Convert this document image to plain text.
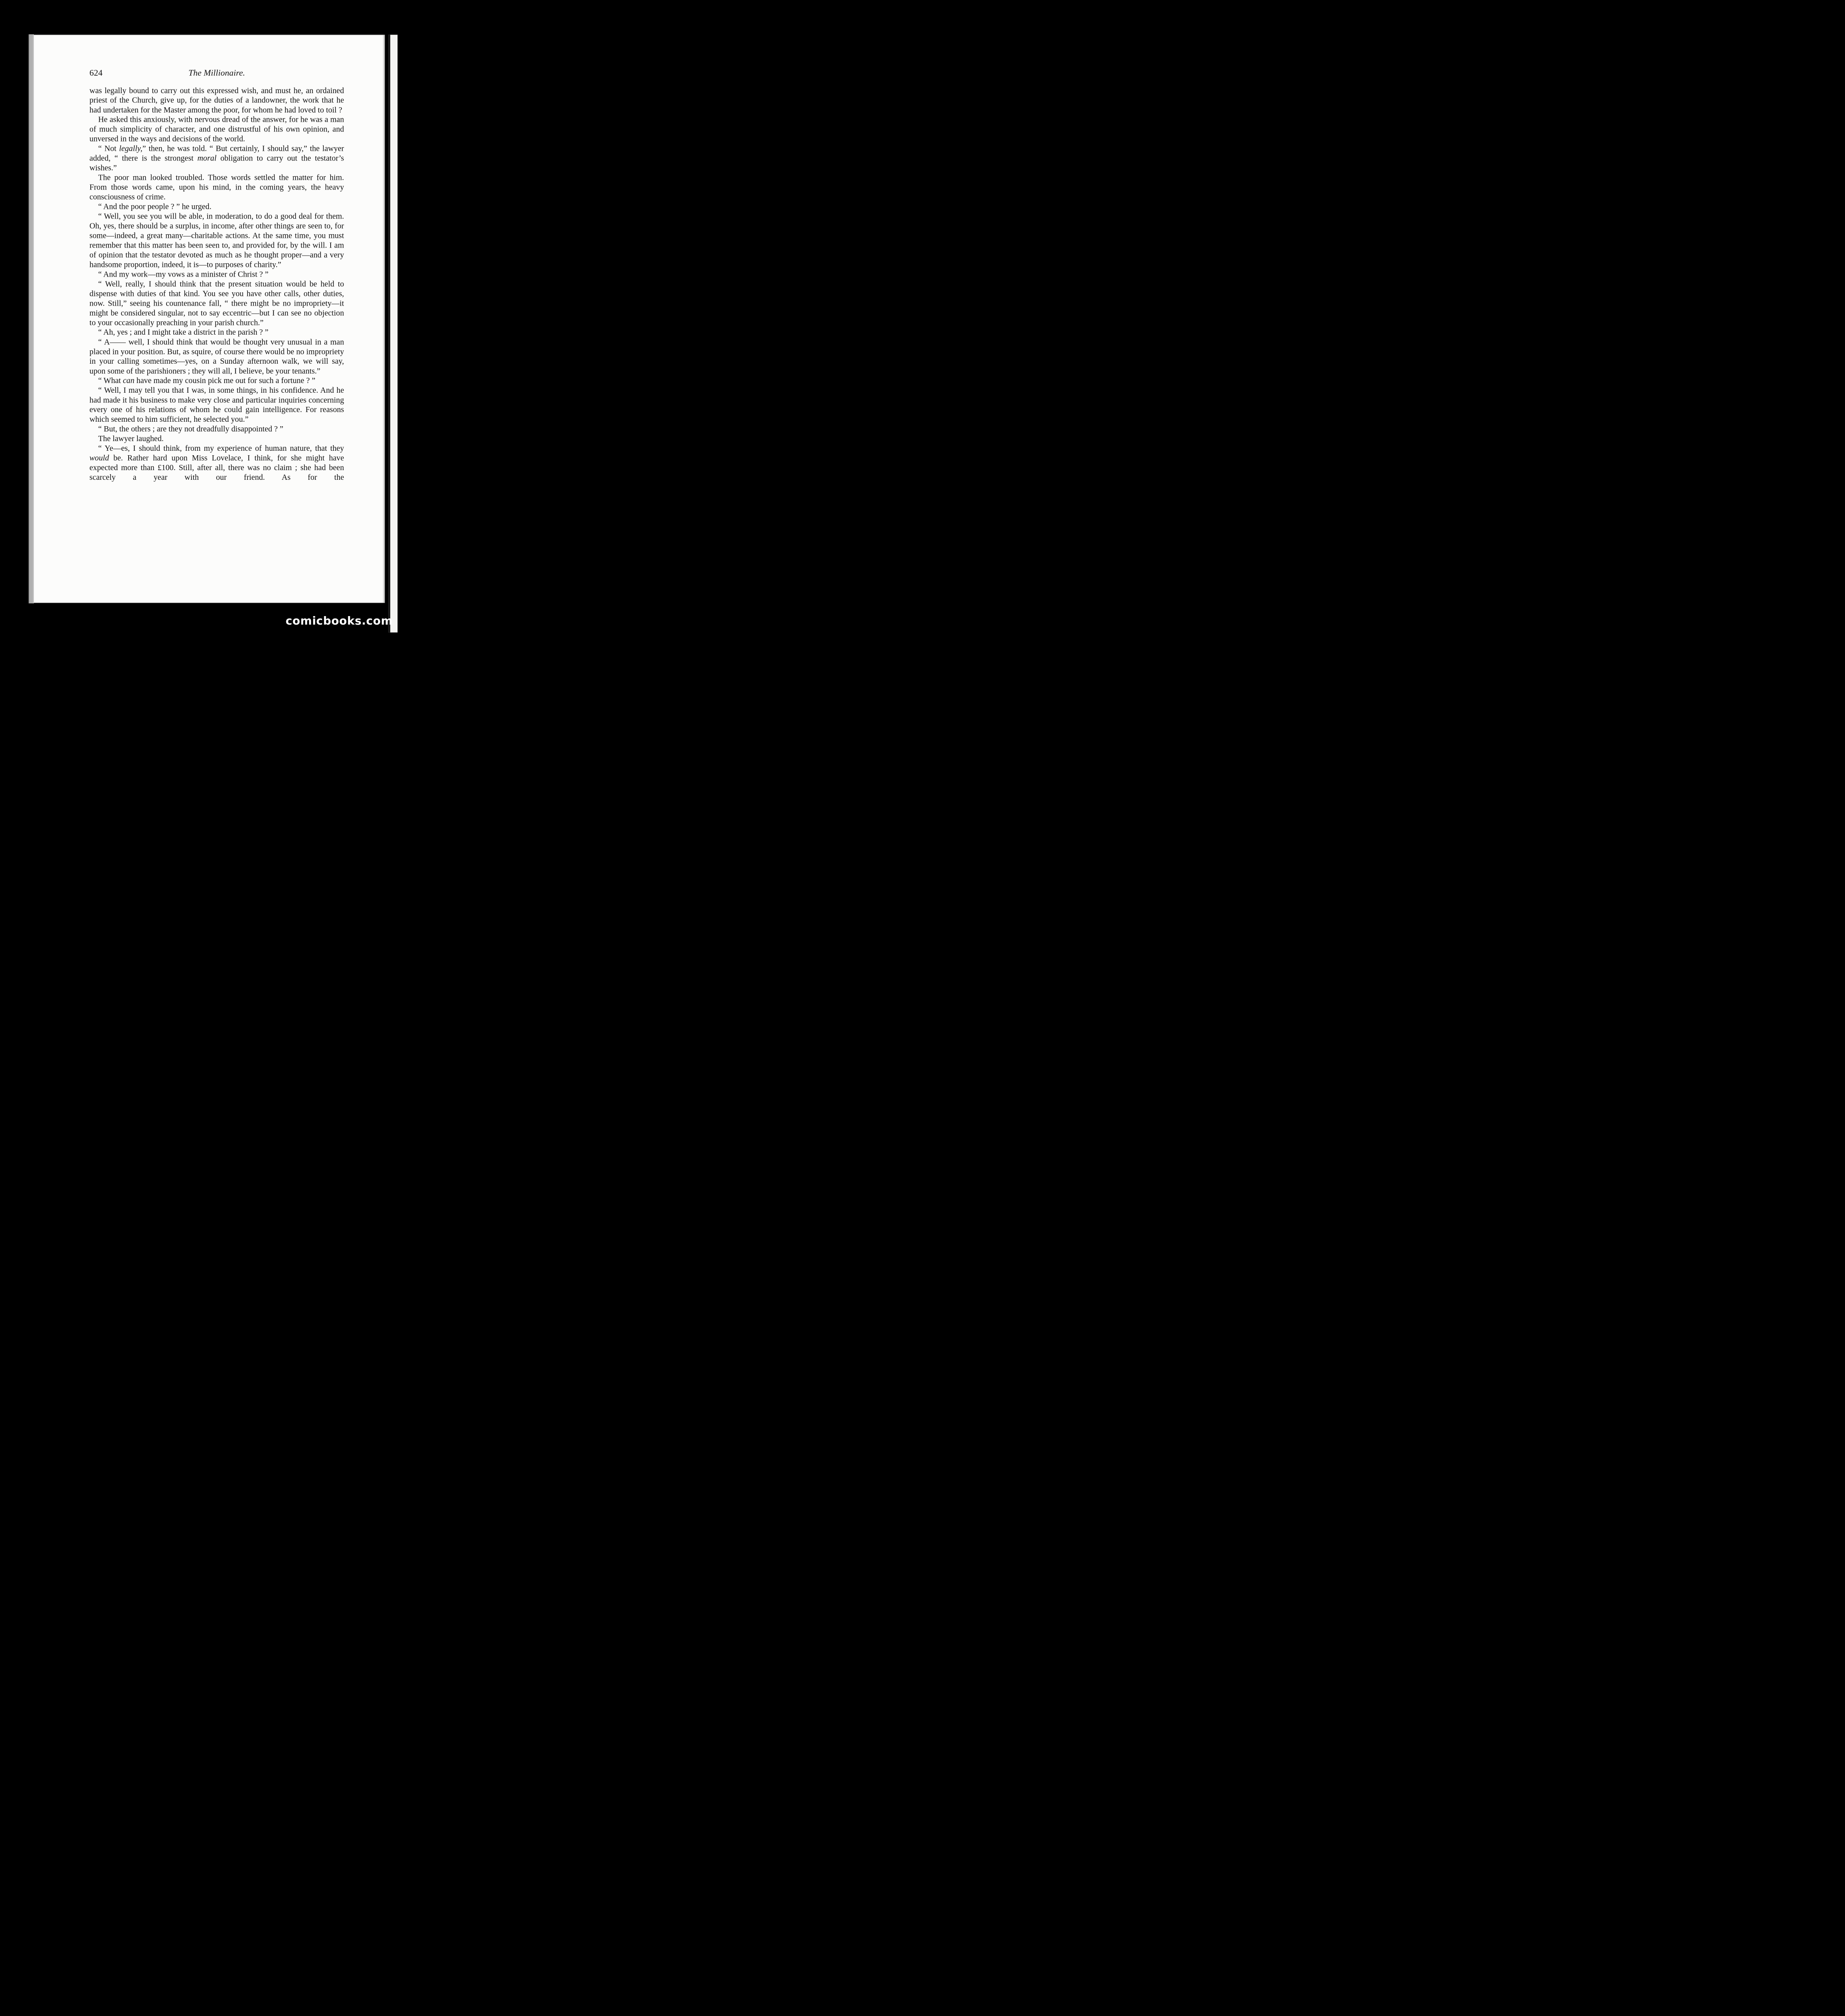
624	The Millionaire.

was legally bound to carry out this expressed wish, and must he, an ordained priest of the Church, give up, for the duties of a landowner, the work that he had undertaken for the Master among the poor, for whom he had loved to toil ?

He asked this anxiously, with nervous dread of the answer, for he was a man of much simplicity of character, and one distrustful of his own opinion, and unversed in the ways and decisions of the world.

“ Not legally,” then, he was told. “ But certainly, I should say,” the lawyer added, “ there is the strongest moral obligation to carry out the testator’s wishes.”

The poor man looked troubled. Those words settled the matter for him. From those words came, upon his mind, in the coming years, the heavy consciousness of crime.

“ And the poor people ? ” he urged.

“ Well, you see you will be able, in moderation, to do a good deal for them. Oh, yes, there should be a surplus, in income, after other things are seen to, for some—indeed, a great many—charitable actions. At the same time, you must remember that this matter has been seen to, and provided for, by the will. I am of opinion that the testator devoted as much as he thought proper—and a very handsome proportion, indeed, it is—to purposes of charity.”

“ And my work—my vows as a minister of Christ ? ”

“ Well, really, I should think that the present situation would be held to dispense with duties of that kind. You see you have other calls, other duties, now. Still,” seeing his countenance fall, “ there might be no impropriety—it might be considered singular, not to say eccentric—but I can see no objection to your occasionally preaching in your parish church.”

“ Ah, yes ; and I might take a district in the parish ? ”

“ A—— well, I should think that would be thought very unusual in a man placed in your position. But, as squire, of course there would be no impropriety in your calling sometimes—yes, on a Sunday afternoon walk, we will say, upon some of the parishioners ; they will all, I believe, be your tenants.”

“ What can have made my cousin pick me out for such a fortune ? ”

“ Well, I may tell you that I was, in some things, in his confidence. And he had made it his business to make very close and particular inquiries concerning every one of his relations of whom he could gain intelligence. For reasons which seemed to him sufficient, he selected you.”

“ But, the others ; are they not dreadfully disappointed ? ”

The lawyer laughed.

“ Ye—es, I should think, from my experience of human nature, that they would be. Rather hard upon Miss Lovelace, I think, for she might have expected more than £100. Still, after all, there was no claim ; she had been scarcely a year with our friend. As for the

comicbooks.com
